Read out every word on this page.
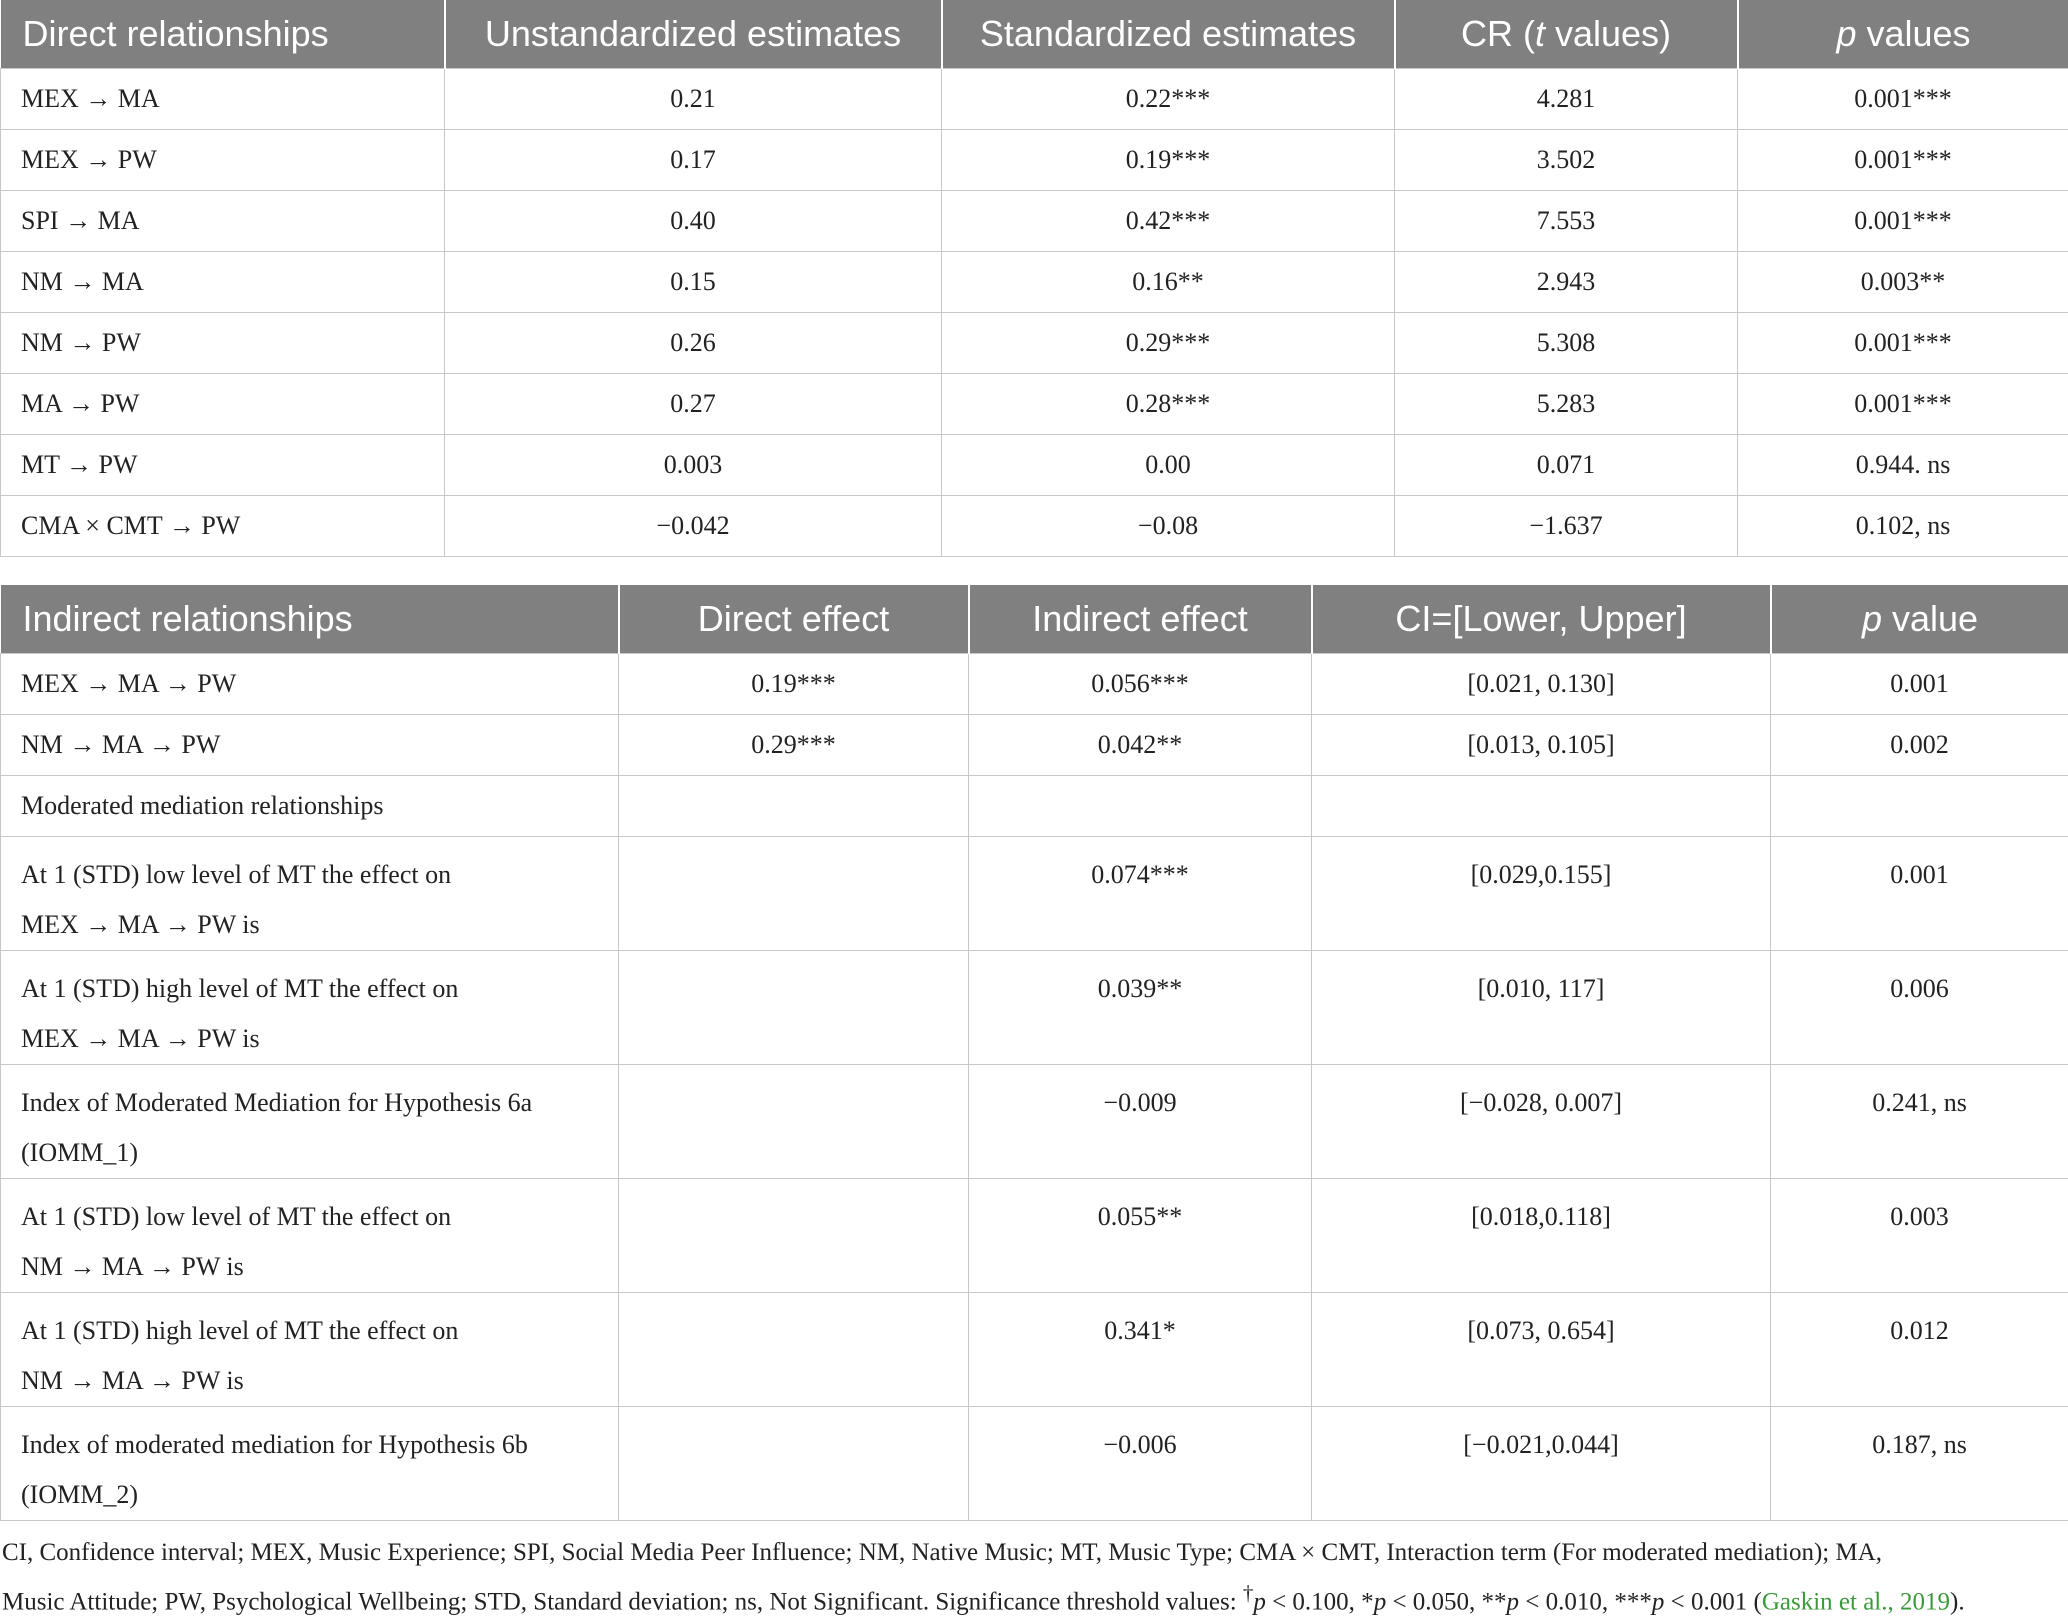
Direct relationships	Unstandardized estimates	Standardized estimates	CR (t values)	p values
MEX → MA	0.21	0.22***	4.281	0.001***
MEX → PW	0.17	0.19***	3.502	0.001***
SPI → MA	0.40	0.42***	7.553	0.001***
NM → MA	0.15	0.16**	2.943	0.003**
NM → PW	0.26	0.29***	5.308	0.001***
MA → PW	0.27	0.28***	5.283	0.001***
MT → PW	0.003	0.00	0.071	0.944. ns
CMA × CMT → PW	−0.042	−0.08	−1.637	0.102, ns
Indirect relationships	Direct effect	Indirect effect	CI=[Lower, Upper]	p value
MEX → MA → PW	0.19***	0.056***	[0.021, 0.130]	0.001
NM → MA → PW	0.29***	0.042**	[0.013, 0.105]	0.002
Moderated mediation relationships				

At 1 (STD) low level of MT the effect on
MEX → MA → PW is		0.074***	[0.029,0.155]	0.001

At 1 (STD) high level of MT the effect on
MEX → MA → PW is		0.039**	[0.010, 117]	0.006

Index of Moderated Mediation for Hypothesis 6a
(IOMM_1)		−0.009	[−0.028, 0.007]	0.241, ns

At 1 (STD) low level of MT the effect on
NM → MA → PW is		0.055**	[0.018,0.118]	0.003

At 1 (STD) high level of MT the effect on
NM → MA → PW is		0.341*	[0.073, 0.654]	0.012

Index of moderated mediation for Hypothesis 6b
(IOMM_2)		−0.006	[−0.021,0.044]	0.187, ns
CI, Confidence interval; MEX, Music Experience; SPI, Social Media Peer Influence; NM, Native Music; MT, Music Type; CMA × CMT, Interaction term (For moderated mediation); MA,
Music Attitude; PW, Psychological Wellbeing; STD, Standard deviation; ns, Not Significant. Significance threshold values: †p < 0.100, *p < 0.050, **p < 0.010, ***p < 0.001 (Gaskin et al., 2019).
